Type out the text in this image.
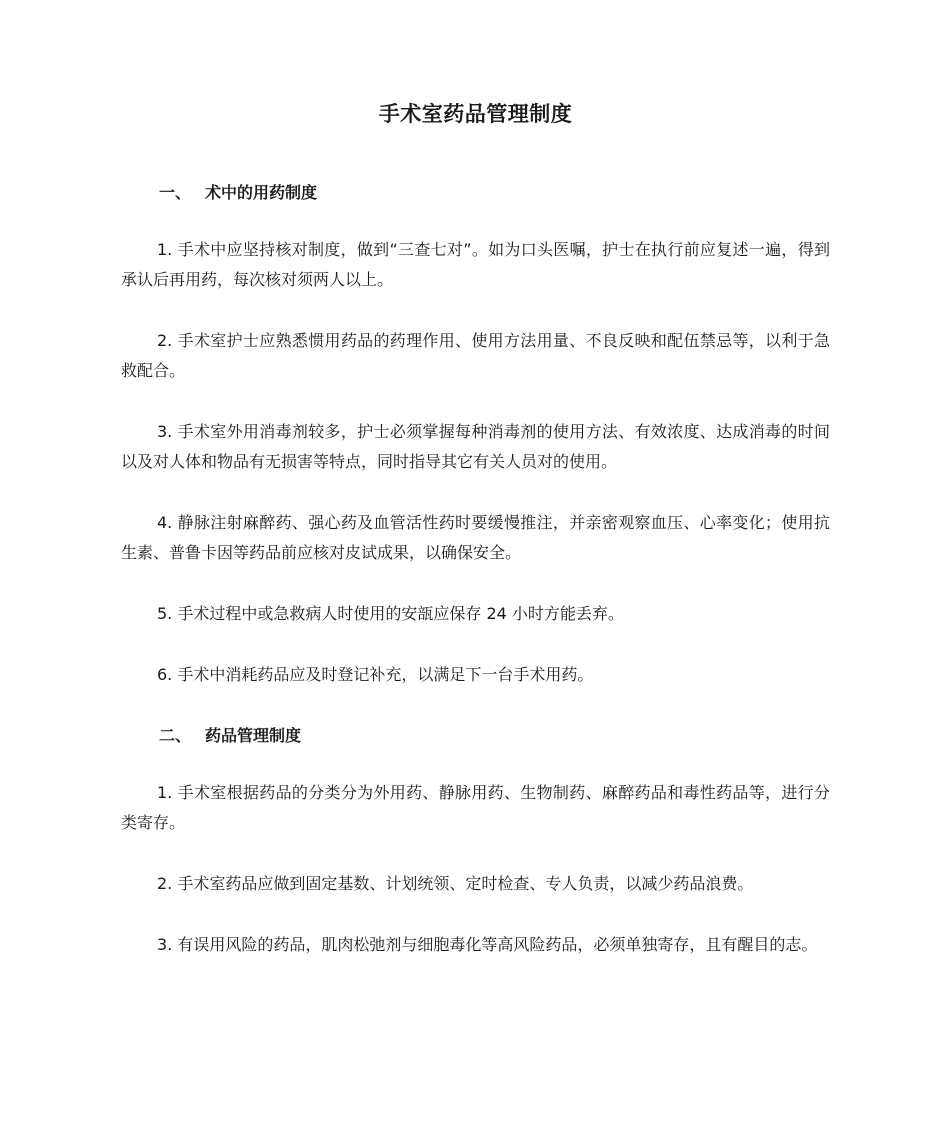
手术室药品管理制度
一、 术中的用药制度

1. 手术中应坚持核对制度，做到“三查七对”。如为口头医嘱，护士在执行前应复述一遍，得到承认后再用药，每次核对须两人以上。

2. 手术室护士应熟悉惯用药品的药理作用、使用方法用量、不良反映和配伍禁忌等，以利于急救配合。

3. 手术室外用消毒剂较多，护士必须掌握每种消毒剂的使用方法、有效浓度、达成消毒的时间以及对人体和物品有无损害等特点，同时指导其它有关人员对的使用。

4. 静脉注射麻醉药、强心药及血管活性药时要缓慢推注，并亲密观察血压、心率变化；使用抗生素、普鲁卡因等药品前应核对皮试成果，以确保安全。

5. 手术过程中或急救病人时使用的安瓿应保存 24 小时方能丢弃。

6. 手术中消耗药品应及时登记补充，以满足下一台手术用药。

二、 药品管理制度

1. 手术室根据药品的分类分为外用药、静脉用药、生物制药、麻醉药品和毒性药品等，进行分类寄存。

2. 手术室药品应做到固定基数、计划统领、定时检查、专人负责，以减少药品浪费。

3. 有误用风险的药品，肌肉松弛剂与细胞毒化等高风险药品，必须单独寄存，且有醒目的志。
